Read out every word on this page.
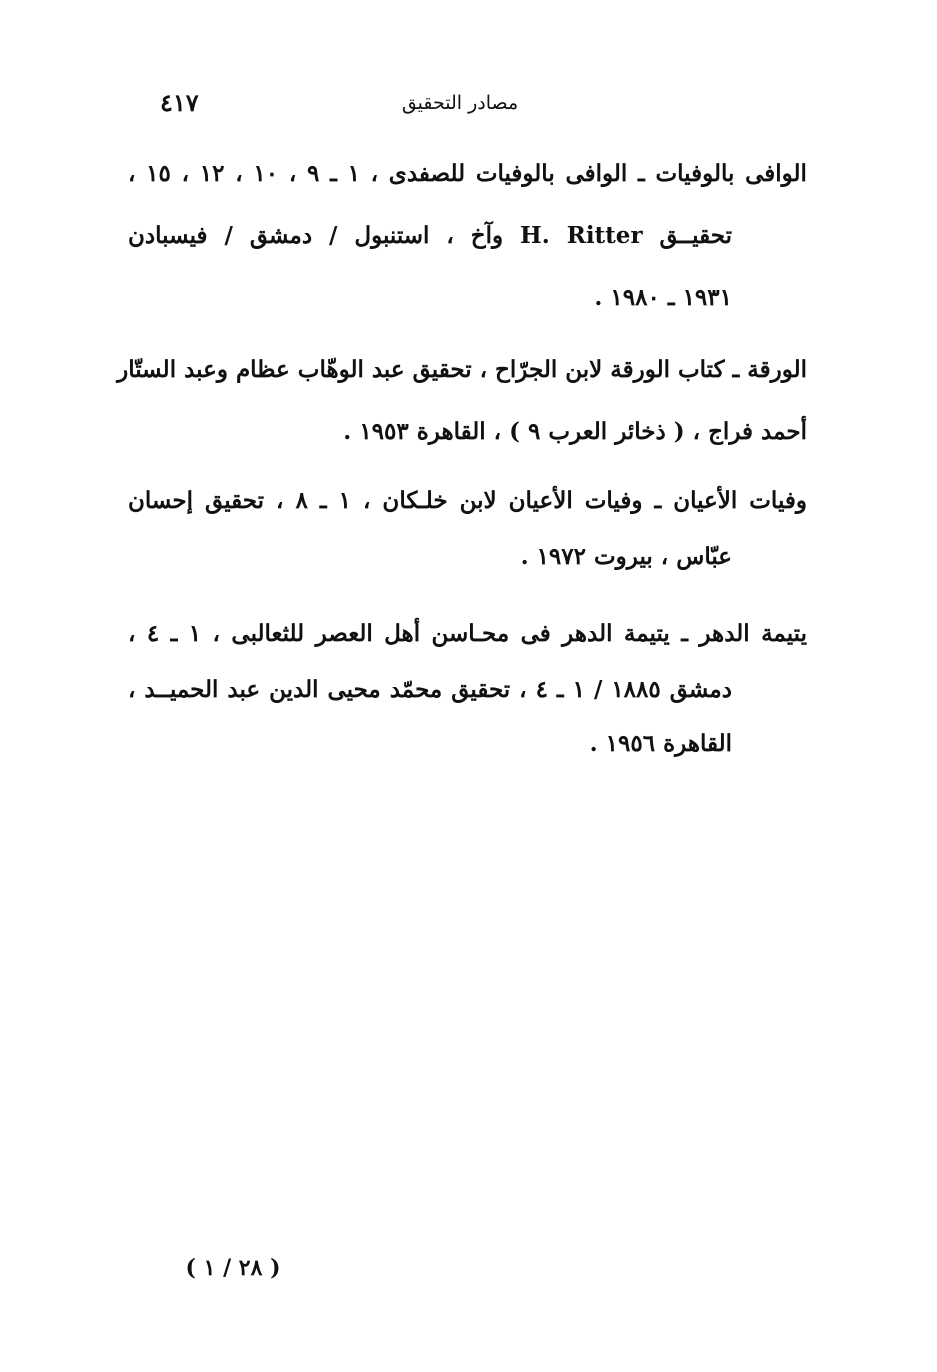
٤١٧	مصادر التحقيق
الوافى بالوفيات ـ الوافى بالوفيات للصفدى ، ١ ـ ٩ ، ١٠ ، ١٢ ، ١٥ ،
تحقيــق H. Ritter وآخ ، استنبول / دمشق / فيسبادن
١٩٣١ ـ ١٩٨٠ .
الورقة ـ كتاب الورقة لابن الجرّاح ، تحقيق عبد الوهّاب عظام وعبد الستّار
أحمد فراج ، ( ذخائر العرب ٩ ) ، القاهرة ١٩٥٣ .
وفيات الأعيان ـ وفيات الأعيان لابن خلـكان ، ١ ـ ٨ ، تحقيق إحسان
عبّاس ، بيروت ١٩٧٢ .
يتيمة الدهر ـ يتيمة الدهر فى محـاسن أهل العصر للثعالبى ، ١ ـ ٤ ،
دمشق ١٨٨٥ / ١ ـ ٤ ، تحقيق محمّد محيى الدين عبد الحميــد ،
القاهرة ١٩٥٦ .
( ٢٨ / ١ )
